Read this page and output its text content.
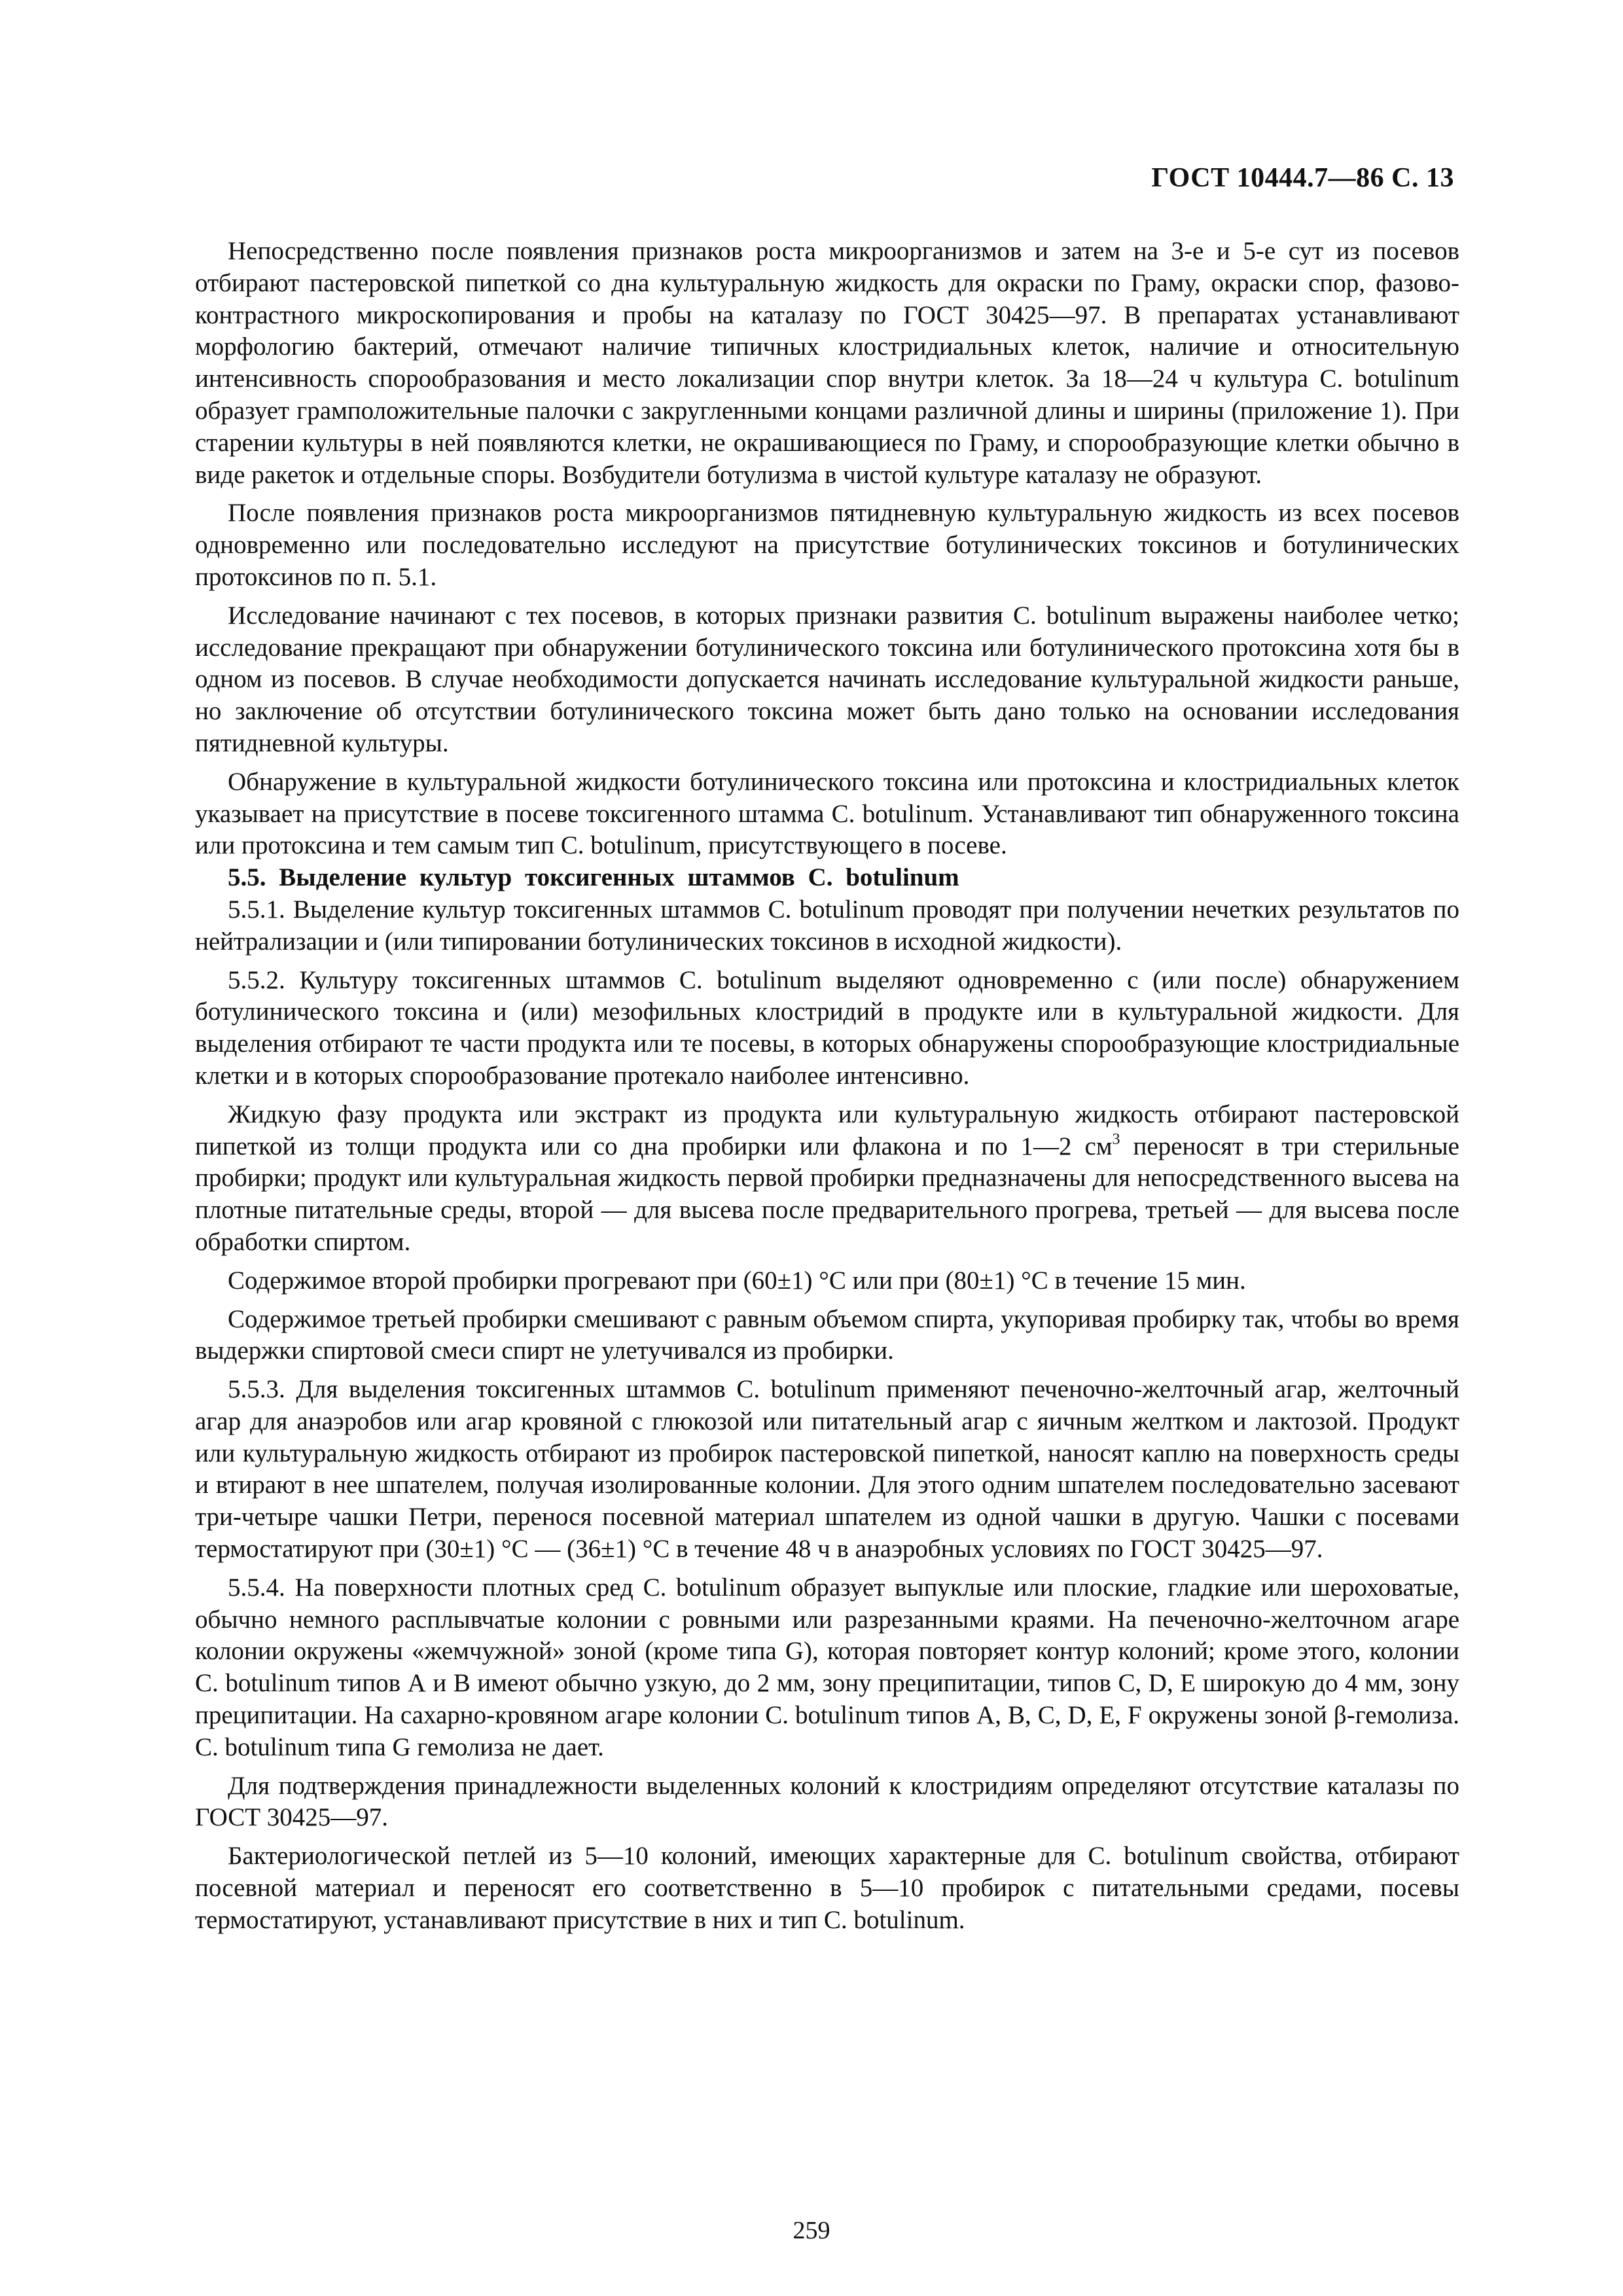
ГОСТ 10444.7—86 С. 13

Непосредственно после появления признаков роста микроорганизмов и затем на 3-е и 5-е сут из посевов отбирают пастеровской пипеткой со дна культуральную жидкость для окраски по Граму, окраски спор, фазово-контрастного микроскопирования и пробы на каталазу по ГОСТ 30425—97. В препаратах устанавливают морфологию бактерий, отмечают наличие типичных клостридиальных клеток, наличие и относительную интенсивность спорообразования и место локализации спор внутри клеток. За 18—24 ч культура С. botulinum образует грамположительные палочки с закругленными концами различной длины и ширины (приложение 1). При старении культуры в ней появляются клетки, не окрашивающиеся по Граму, и спорообразующие клетки обычно в виде ракеток и отдельные споры. Возбудители ботулизма в чистой культуре каталазу не образуют.

После появления признаков роста микроорганизмов пятидневную культуральную жидкость из всех посевов одновременно или последовательно исследуют на присутствие ботулинических токсинов и ботулинических протоксинов по п. 5.1.

Исследование начинают с тех посевов, в которых признаки развития С. botulinum выражены наиболее четко; исследование прекращают при обнаружении ботулинического токсина или ботулинического протоксина хотя бы в одном из посевов. В случае необходимости допускается начинать исследование культуральной жидкости раньше, но заключение об отсутствии ботулинического токсина может быть дано только на основании исследования пятидневной культуры.

Обнаружение в культуральной жидкости ботулинического токсина или протоксина и клостридиальных клеток указывает на присутствие в посеве токсигенного штамма С. botulinum. Устанавливают тип обнаруженного токсина или протоксина и тем самым тип С. botulinum, присутствующего в посеве.

5.5. Выделение культур токсигенных штаммов С. botulinum

5.5.1. Выделение культур токсигенных штаммов С. botulinum проводят при получении нечетких результатов по нейтрализации и (или типировании ботулинических токсинов в исходной жидкости).

5.5.2. Культуру токсигенных штаммов С. botulinum выделяют одновременно с (или после) обнаружением ботулинического токсина и (или) мезофильных клостридий в продукте или в культуральной жидкости. Для выделения отбирают те части продукта или те посевы, в которых обнаружены спорообразующие клостридиальные клетки и в которых спорообразование протекало наиболее интенсивно.

Жидкую фазу продукта или экстракт из продукта или культуральную жидкость отбирают пастеровской пипеткой из толщи продукта или со дна пробирки или флакона и по 1—2 $см^3$ переносят в три стерильные пробирки; продукт или культуральная жидкость первой пробирки предназначены для непосредственного высева на плотные питательные среды, второй — для высева после предварительного прогрева, третьей — для высева после обработки спиртом.

Содержимое второй пробирки прогревают при (60±1) °С или при (80±1) °С в течение 15 мин.

Содержимое третьей пробирки смешивают с равным объемом спирта, укупоривая пробирку так, чтобы во время выдержки спиртовой смеси спирт не улетучивался из пробирки.

5.5.3. Для выделения токсигенных штаммов С. botulinum применяют печеночно-желточный агар, желточный агар для анаэробов или агар кровяной с глюкозой или питательный агар с яичным желтком и лактозой. Продукт или культуральную жидкость отбирают из пробирок пастеровской пипеткой, наносят каплю на поверхность среды и втирают в нее шпателем, получая изолированные колонии. Для этого одним шпателем последовательно засевают три-четыре чашки Петри, перенося посевной материал шпателем из одной чашки в другую. Чашки с посевами термостатируют при (30±1) °С — (36±1) °С в течение 48 ч в анаэробных условиях по ГОСТ 30425—97.

5.5.4. На поверхности плотных сред С. botulinum образует выпуклые или плоские, гладкие или шероховатые, обычно немного расплывчатые колонии с ровными или разрезанными краями. На печеночно-желточном агаре колонии окружены «жемчужной» зоной (кроме типа G), которая повторяет контур колоний; кроме этого, колонии С. botulinum типов А и В имеют обычно узкую, до 2 мм, зону преципитации, типов С, D, Е широкую до 4 мм, зону преципитации. На сахарно-кровяном агаре колонии С. botulinum типов А, В, С, D, Е, F окружены зоной β-гемолиза. С. botulinum типа G гемолиза не дает.

Для подтверждения принадлежности выделенных колоний к клостридиям определяют отсутствие каталазы по ГОСТ 30425—97.

Бактериологической петлей из 5—10 колоний, имеющих характерные для С. botulinum свойства, отбирают посевной материал и переносят его соответственно в 5—10 пробирок с питательными средами, посевы термостатируют, устанавливают присутствие в них и тип С. botulinum.

259
